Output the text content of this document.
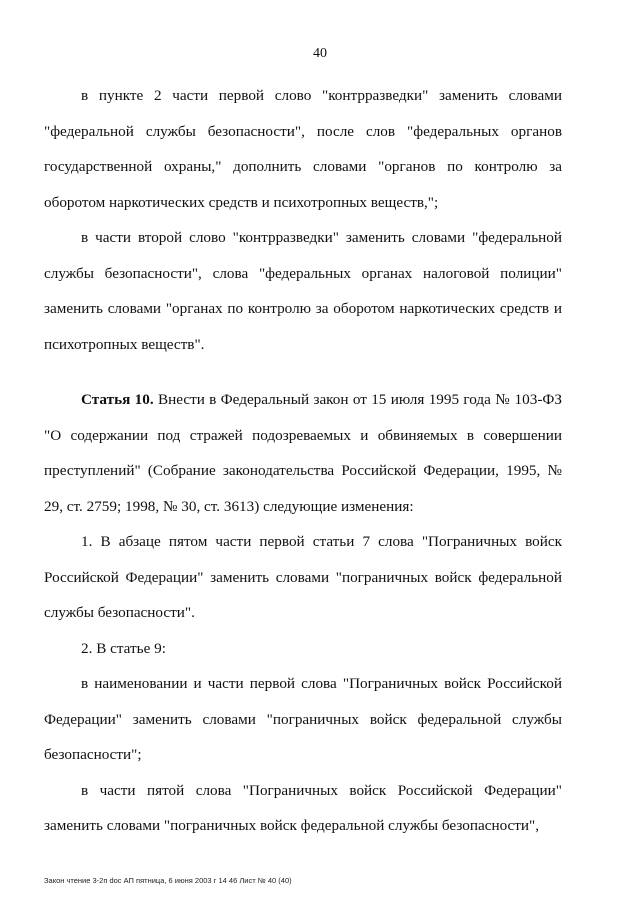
40

в пункте 2 части первой слово "контрразведки" заменить словами "федеральной службы безопасности", после слов "федеральных органов государственной охраны," дополнить словами "органов по контролю за оборотом наркотических средств и психотропных веществ,";

в части второй слово "контрразведки" заменить словами "федеральной службы безопасности", слова "федеральных органах налоговой полиции" заменить словами "органах по контролю за оборотом наркотических средств и психотропных веществ".

Статья 10. Внести в Федеральный закон от 15 июля 1995 года № 103-ФЗ "О содержании под стражей подозреваемых и обвиняемых в совершении преступлений" (Собрание законодательства Российской Федерации, 1995, № 29, ст. 2759; 1998, № 30, ст. 3613) следующие изменения:

1. В абзаце пятом части первой статьи 7 слова "Пограничных войск Российской Федерации" заменить словами "пограничных войск федеральной службы безопасности".

2. В статье 9:

в наименовании и части первой слова "Пограничных войск Российской Федерации" заменить словами "пограничных войск федеральной службы безопасности";

в части пятой слова "Пограничных войск Российской Федерации" заменить словами "пограничных войск федеральной службы безопасности",

Закон чтение 3-2п doc АП пятница, 6 июня 2003 г 14 46 Лист № 40 (40)
